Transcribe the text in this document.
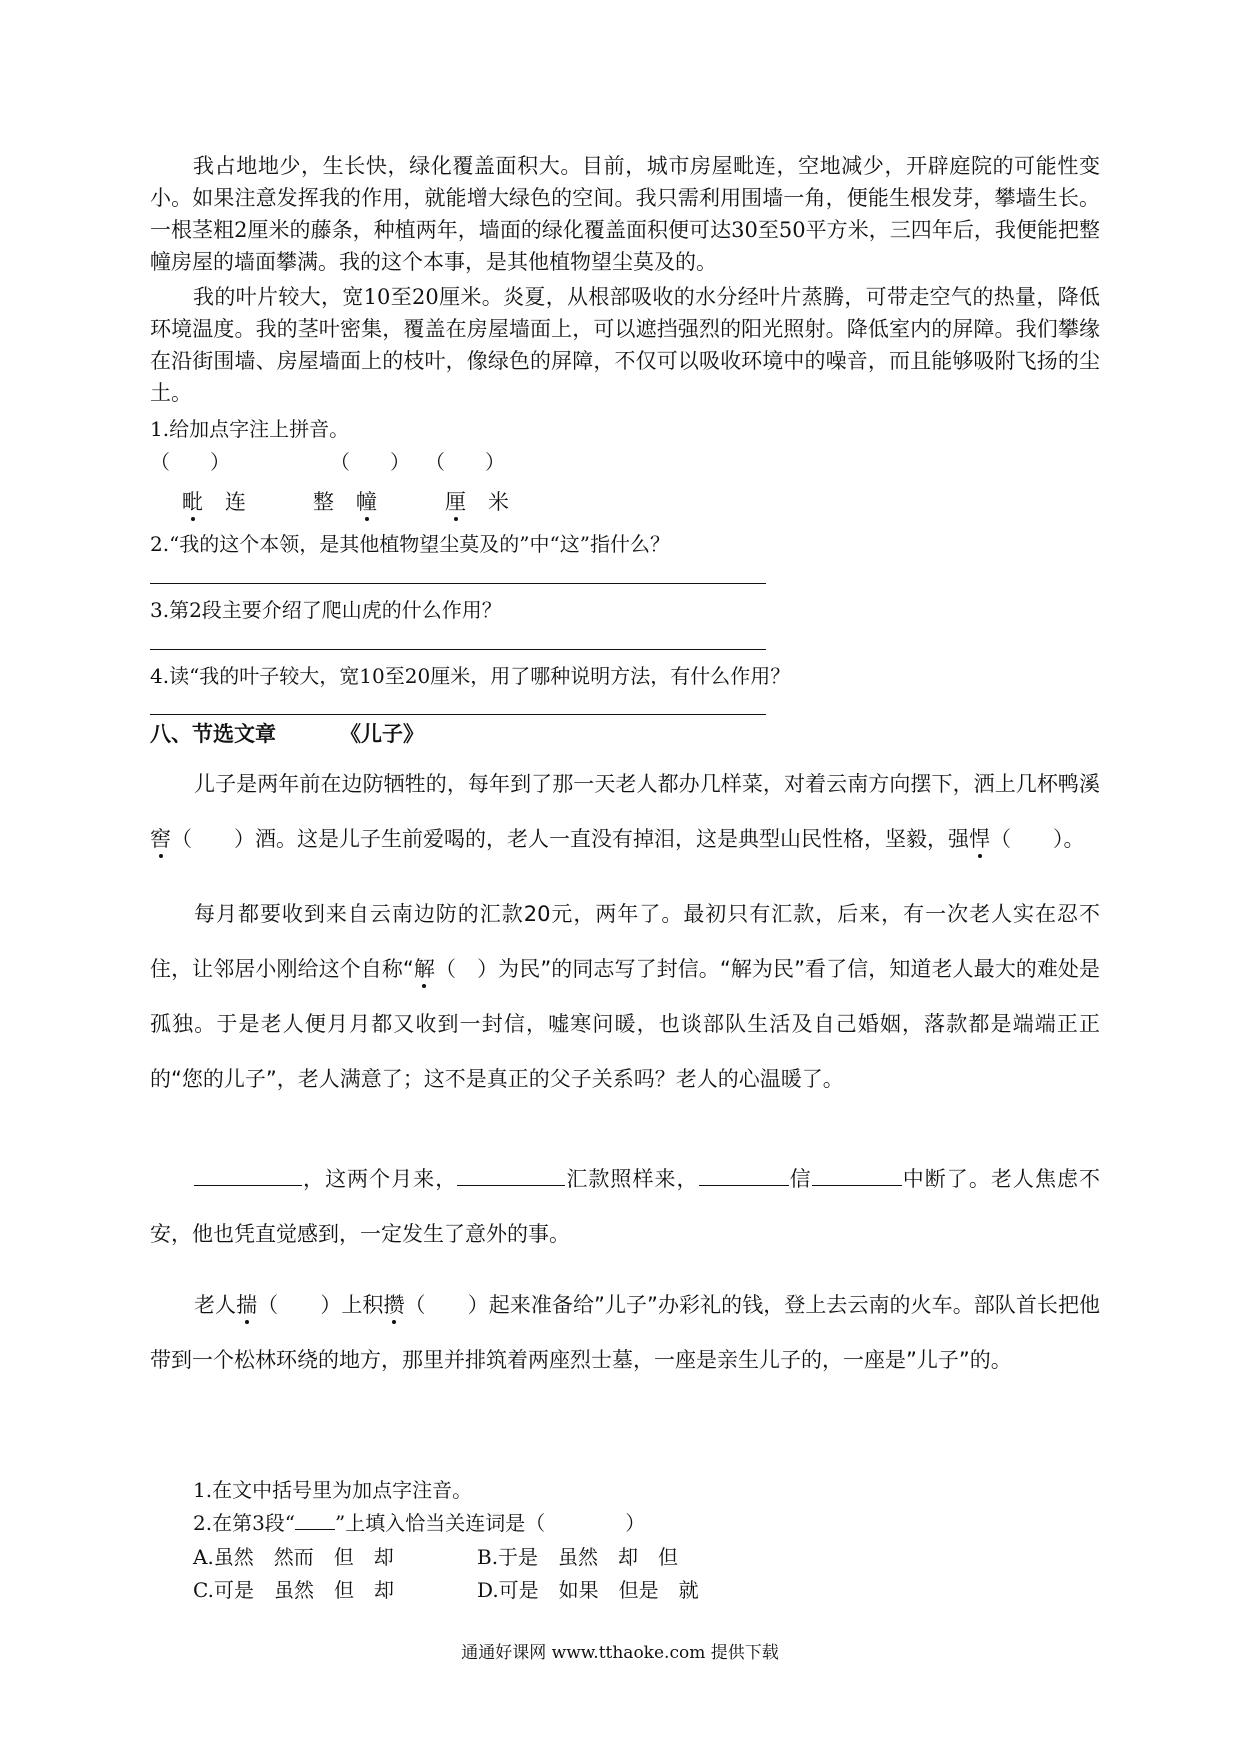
我占地地少，生长快，绿化覆盖面积大。目前，城市房屋毗连，空地减少，开辟庭院的可能性变小。如果注意发挥我的作用，就能增大绿色的空间。我只需利用围墙一角，便能生根发芽，攀墙生长。一根茎粗2厘米的藤条，种植两年，墙面的绿化覆盖面积便可达30至50平方米，三四年后，我便能把整幢房屋的墙面攀满。我的这个本事，是其他植物望尘莫及的。

我的叶片较大，宽10至20厘米。炎夏，从根部吸收的水分经叶片蒸腾，可带走空气的热量，降低环境温度。我的茎叶密集，覆盖在房屋墙面上，可以遮挡强烈的阳光照射。降低室内的屏障。我们攀缘在沿街围墙、房屋墙面上的枝叶，像绿色的屏障，不仅可以吸收环境中的噪音，而且能够吸附飞扬的尘土。

1.给加点字注上拼音。

（　　）	（　　） （　　）
毗 连	整 幢	厘 米

2.“我的这个本领，是其他植物望尘莫及的”中“这”指什么？

3.第2段主要介绍了爬山虎的什么作用？

4.读“我的叶子较大，宽10至20厘米，用了哪种说明方法，有什么作用？

八、节选文章	《儿子》

儿子是两年前在边防牺牲的，每年到了那一天老人都办几样菜，对着云南方向摆下，洒上几杯鸭溪窖（　　）酒。这是儿子生前爱喝的，老人一直没有掉泪，这是典型山民性格，坚毅，强悍（　　）。

每月都要收到来自云南边防的汇款20元，两年了。最初只有汇款，后来，有一次老人实在忍不住，让邻居小刚给这个自称“解（　）为民”的同志写了封信。“解为民”看了信，知道老人最大的难处是孤独。于是老人便月月都又收到一封信，嘘寒问暖，也谈部队生活及自己婚姻，落款都是端端正正的“您的儿子”，老人满意了；这不是真正的父子关系吗？老人的心温暖了。

，这两个月来，	汇款照样来，	信	中断了。老人焦虑不安，他也凭直觉感到，一定发生了意外的事。

老人揣（　　）上积攒（　　）起来准备给”儿子”办彩礼的钱，登上去云南的火车。部队首长把他带到一个松林环绕的地方，那里并排筑着两座烈士墓，一座是亲生儿子的，一座是”儿子”的。

1.在文中括号里为加点字注音。

2.在第3段“ ”上填入恰当关连词是（　　　　）

A.虽然　然而　但　却	B.于是　虽然　却　但
C.可是　虽然　但　却	D.可是　如果　但是　就
通通好课网 www.tthaoke.com 提供下载
